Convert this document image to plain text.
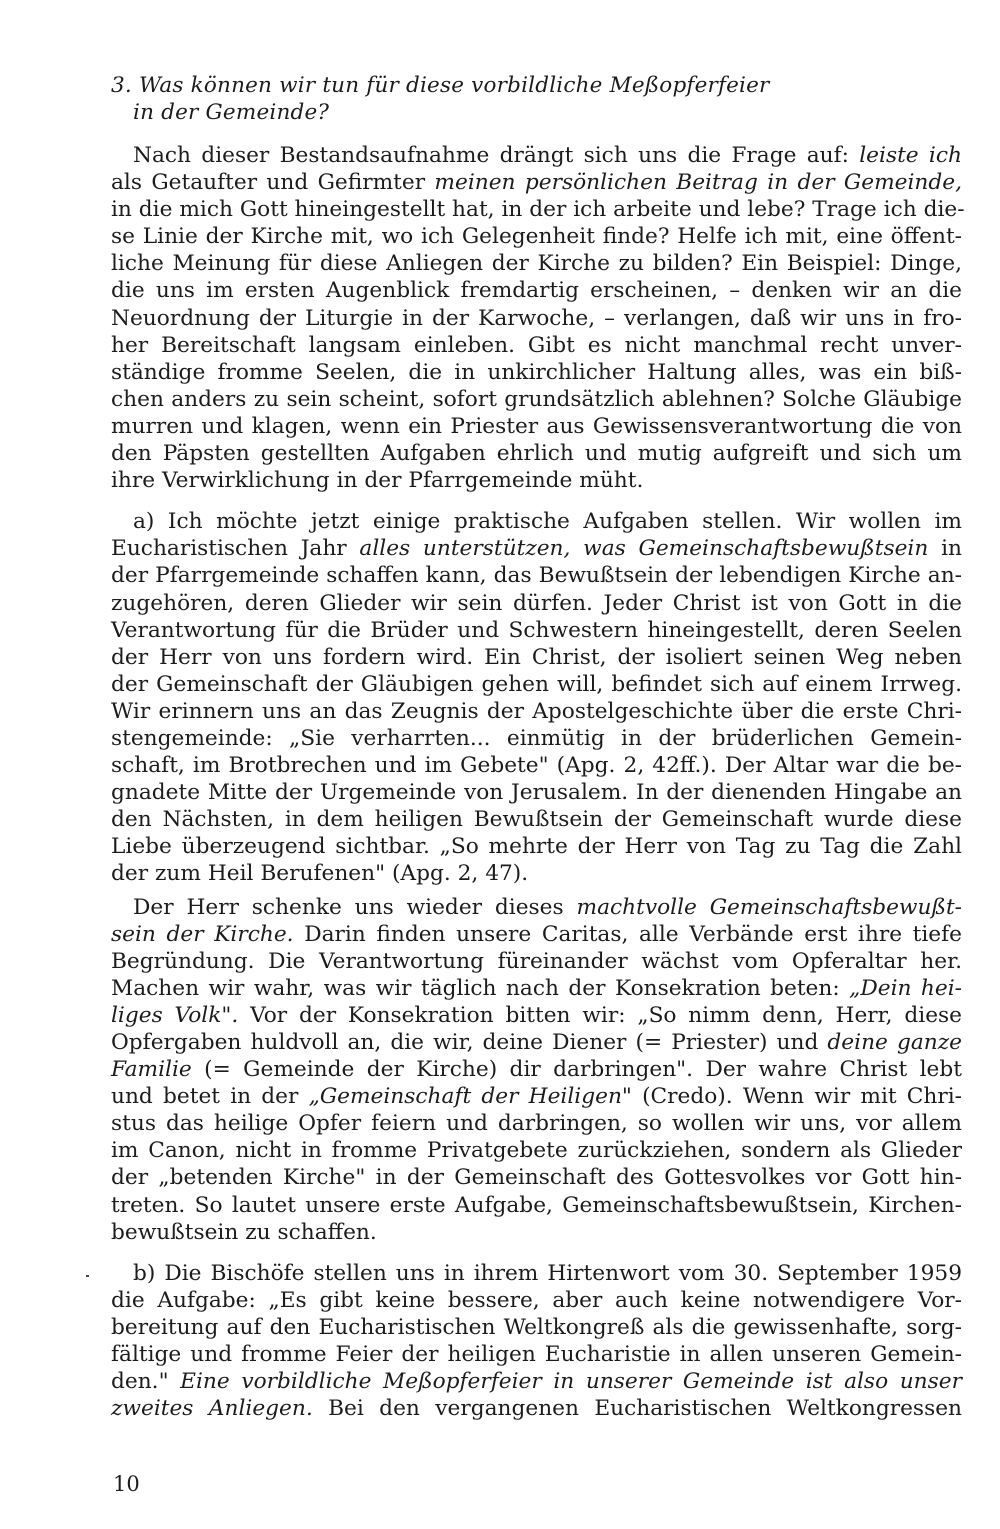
3. Was können wir tun für diese vorbildliche Meßopferfeier
in der Gemeinde?
Nach dieser Bestandsaufnahme drängt sich uns die Frage auf: leiste ich
als Getaufter und Gefirmter meinen persönlichen Beitrag in der Gemeinde,
in die mich Gott hineingestellt hat, in der ich arbeite und lebe? Trage ich die-
se Linie der Kirche mit, wo ich Gelegenheit finde? Helfe ich mit, eine öffent-
liche Meinung für diese Anliegen der Kirche zu bilden? Ein Beispiel: Dinge,
die uns im ersten Augenblick fremdartig erscheinen, – denken wir an die
Neuordnung der Liturgie in der Karwoche, – verlangen, daß wir uns in fro-
her Bereitschaft langsam einleben. Gibt es nicht manchmal recht unver-
ständige fromme Seelen, die in unkirchlicher Haltung alles, was ein biß-
chen anders zu sein scheint, sofort grundsätzlich ablehnen? Solche Gläubige
murren und klagen, wenn ein Priester aus Gewissensverantwortung die von
den Päpsten gestellten Aufgaben ehrlich und mutig aufgreift und sich um
ihre Verwirklichung in der Pfarrgemeinde müht.
a) Ich möchte jetzt einige praktische Aufgaben stellen. Wir wollen im
Eucharistischen Jahr alles unterstützen, was Gemeinschaftsbewußtsein in
der Pfarrgemeinde schaffen kann, das Bewußtsein der lebendigen Kirche an-
zugehören, deren Glieder wir sein dürfen. Jeder Christ ist von Gott in die
Verantwortung für die Brüder und Schwestern hineingestellt, deren Seelen
der Herr von uns fordern wird. Ein Christ, der isoliert seinen Weg neben
der Gemeinschaft der Gläubigen gehen will, befindet sich auf einem Irrweg.
Wir erinnern uns an das Zeugnis der Apostelgeschichte über die erste Chri-
stengemeinde: „Sie verharrten... einmütig in der brüderlichen Gemein-
schaft, im Brotbrechen und im Gebete" (Apg. 2, 42ff.). Der Altar war die be-
gnadete Mitte der Urgemeinde von Jerusalem. In der dienenden Hingabe an
den Nächsten, in dem heiligen Bewußtsein der Gemeinschaft wurde diese
Liebe überzeugend sichtbar. „So mehrte der Herr von Tag zu Tag die Zahl
der zum Heil Berufenen" (Apg. 2, 47).
Der Herr schenke uns wieder dieses machtvolle Gemeinschaftsbewußt-
sein der Kirche. Darin finden unsere Caritas, alle Verbände erst ihre tiefe
Begründung. Die Verantwortung füreinander wächst vom Opferaltar her.
Machen wir wahr, was wir täglich nach der Konsekration beten: „Dein hei-
liges Volk". Vor der Konsekration bitten wir: „So nimm denn, Herr, diese
Opfergaben huldvoll an, die wir, deine Diener (= Priester) und deine ganze
Familie (= Gemeinde der Kirche) dir darbringen". Der wahre Christ lebt
und betet in der „Gemeinschaft der Heiligen" (Credo). Wenn wir mit Chri-
stus das heilige Opfer feiern und darbringen, so wollen wir uns, vor allem
im Canon, nicht in fromme Privatgebete zurückziehen, sondern als Glieder
der „betenden Kirche" in der Gemeinschaft des Gottesvolkes vor Gott hin-
treten. So lautet unsere erste Aufgabe, Gemeinschaftsbewußtsein, Kirchen-
bewußtsein zu schaffen.
b) Die Bischöfe stellen uns in ihrem Hirtenwort vom 30. September 1959
die Aufgabe: „Es gibt keine bessere, aber auch keine notwendigere Vor-
bereitung auf den Eucharistischen Weltkongreß als die gewissenhafte, sorg-
fältige und fromme Feier der heiligen Eucharistie in allen unseren Gemein-
den." Eine vorbildliche Meßopferfeier in unserer Gemeinde ist also unser
zweites Anliegen. Bei den vergangenen Eucharistischen Weltkongressen
10
